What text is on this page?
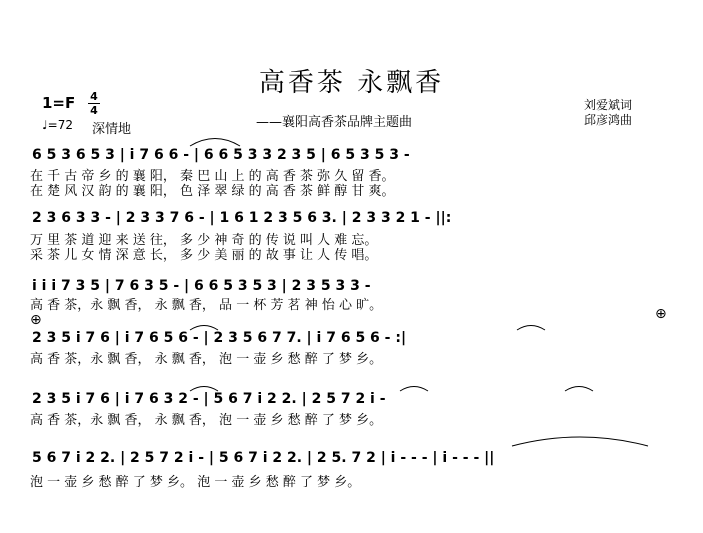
高香茶 永飘香
1=F 4
4
♩=72 深情地	——襄阳高香茶品牌主题曲
刘爱斌词
邱彦鸿曲
6 5 3 6 5 3 | i 7 6 6 - | 6 6 5 3 3 2 3 5 | 6 5 3 5 3 -
在 千 古 帝 乡 的 襄 阳， 秦 巴 山 上 的 高 香 茶 弥 久 留 香。
在 楚 风 汉 韵 的 襄 阳， 色 泽 翠 绿 的 高 香 茶 鲜 醇 甘 爽。
2 3 6 3 3 - | 2 3 3 7 6 - | 1 6 1 2 3 5 6 3. | 2 3 3 2 1 - ||:
万 里 茶 道 迎 来 送 往， 多 少 神 奇 的 传 说 叫 人 难 忘。
采 茶 儿 女 情 深 意 长， 多 少 美 丽 的 故 事 让 人 传 唱。
i i i 7 3 5 | 7 6 3 5 - | 6 6 5 3 5 3 | 2 3 5 3 3 -
高 香 茶，永 飘 香， 永 飘 香， 品 一 杯 芳 茗 神 怡 心 旷。
2 3 5 i 7 6 | i 7 6 5 6 - | 2 3 5 6 7 7. | i 7 6 5 6 - :|
高 香 茶，永 飘 香， 永 飘 香， 泡 一 壶 乡 愁 醉 了 梦 乡。
⊕	⊕
2 3 5 i 7 6 | i 7 6 3 2 - | 5 6 7 i 2 2. | 2 5 7 2 i -
高 香 茶，永 飘 香， 永 飘 香， 泡 一 壶 乡 愁 醉 了 梦 乡。
5 6 7 i 2 2. | 2 5 7 2 i - | 5 6 7 i 2 2. | 2 5. 7 2 | i - - - | i - - - ||
泡 一 壶 乡 愁 醉 了 梦 乡。 泡 一 壶 乡 愁 醉 了 梦 乡。
